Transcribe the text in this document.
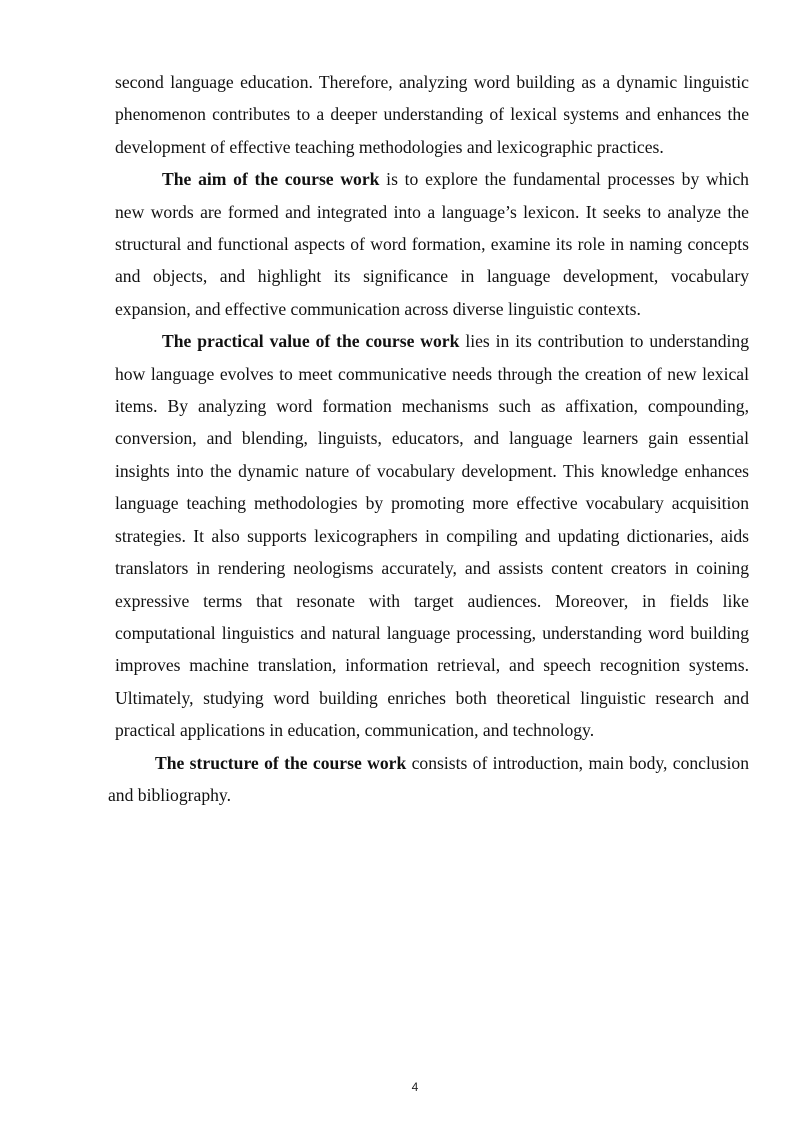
second language education. Therefore, analyzing word building as a dynamic linguistic phenomenon contributes to a deeper understanding of lexical systems and enhances the development of effective teaching methodologies and lexicographic practices.

The aim of the course work is to explore the fundamental processes by which new words are formed and integrated into a language’s lexicon. It seeks to analyze the structural and functional aspects of word formation, examine its role in naming concepts and objects, and highlight its significance in language development, vocabulary expansion, and effective communication across diverse linguistic contexts.

The practical value of the course work lies in its contribution to understanding how language evolves to meet communicative needs through the creation of new lexical items. By analyzing word formation mechanisms such as affixation, compounding, conversion, and blending, linguists, educators, and language learners gain essential insights into the dynamic nature of vocabulary development. This knowledge enhances language teaching methodologies by promoting more effective vocabulary acquisition strategies. It also supports lexicographers in compiling and updating dictionaries, aids translators in rendering neologisms accurately, and assists content creators in coining expressive terms that resonate with target audiences. Moreover, in fields like computational linguistics and natural language processing, understanding word building improves machine translation, information retrieval, and speech recognition systems. Ultimately, studying word building enriches both theoretical linguistic research and practical applications in education, communication, and technology.

The structure of the course work consists of introduction, main body, conclusion and bibliography.

4
